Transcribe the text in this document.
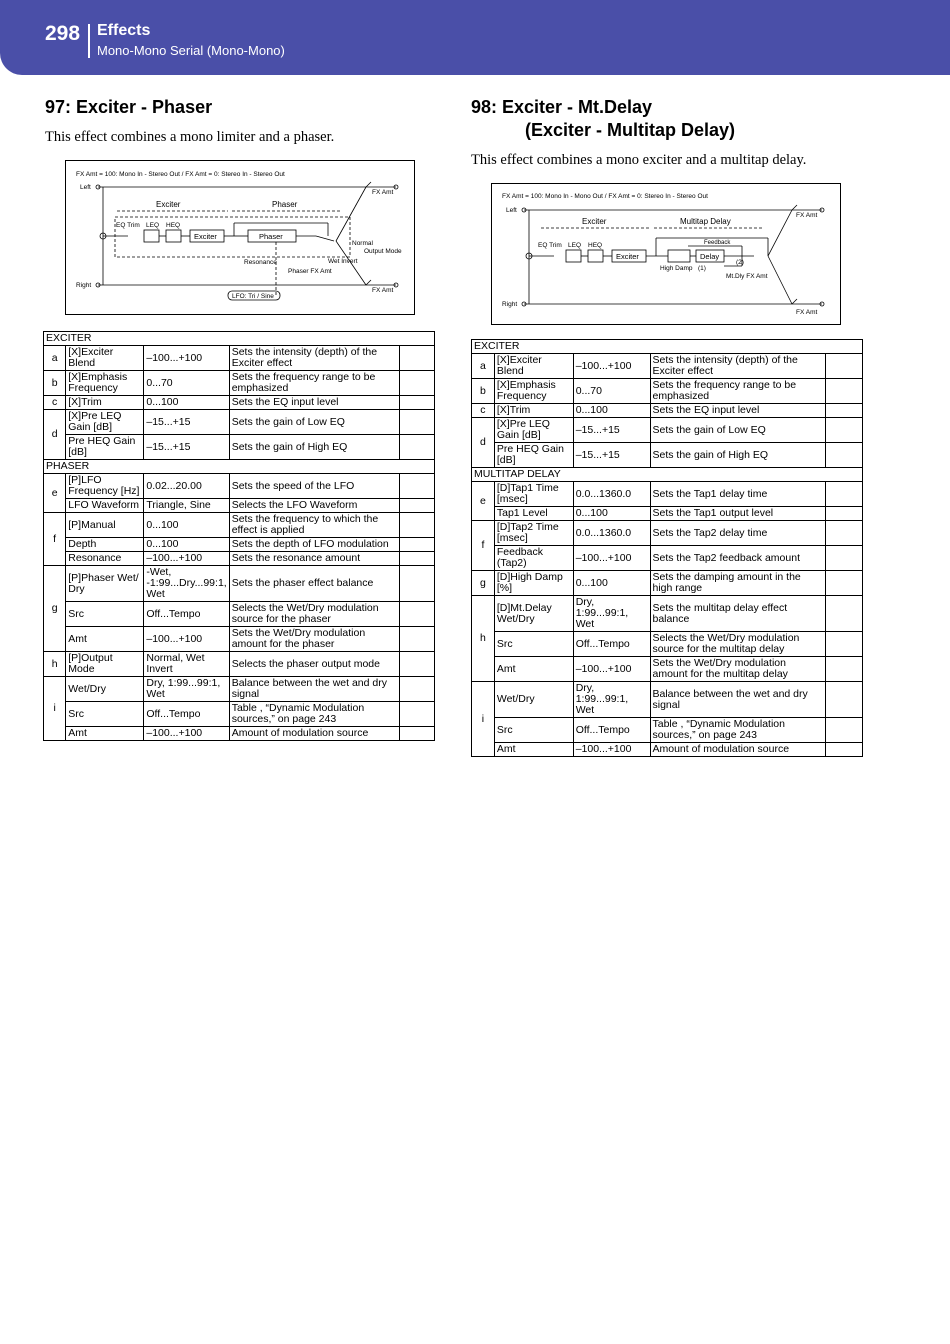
298 Effects
Mono-Mono Serial (Mono-Mono)
97: Exciter - Phaser

This effect combines a mono limiter and a phaser.

FX Amt = 100: Mono In - Stereo Out / FX Amt = 0: Stereo In - Stereo Out
Left
Right
Exciter	Phaser
EQ Trim LEQ HEQ
Exciter	Phaser
Resonance
Phaser FX Amt
Normal
Output Mode
Wet Invert
FX Amt
FX Amt
LFO: Tri / Sine
EXCITER				
a	[X]Exciter Blend	–100...+100	Sets the intensity (depth) of the Exciter effect	
b	[X]Emphasis Frequency	0...70	Sets the frequency range to be emphasized	
c	[X]Trim	0...100	Sets the EQ input level	
d	[X]Pre LEQ Gain [dB]	–15...+15	Sets the gain of Low EQ	
	Pre HEQ Gain [dB]	–15...+15	Sets the gain of High EQ	
PHASER				
e	[P]LFO Frequency [Hz]	0.02...20.00	Sets the speed of the LFO	
	LFO Waveform	Triangle, Sine	Selects the LFO Waveform	
f	[P]Manual	0...100	Sets the frequency to which the effect is applied	
	Depth	0...100	Sets the depth of LFO modulation	
	Resonance	–100...+100	Sets the resonance amount	
g	[P]Phaser Wet/ Dry	-Wet, -1:99...Dry...99:1, Wet	Sets the phaser effect balance	
	Src	Off...Tempo	Selects the Wet/Dry modulation source for the phaser	
	Amt	–100...+100	Sets the Wet/Dry modulation amount for the phaser	
h	[P]Output Mode	Normal, Wet Invert	Selects the phaser output mode	
i	Wet/Dry	Dry, 1:99...99:1, Wet	Balance between the wet and dry signal	
	Src	Off...Tempo	Table , “Dynamic Modulation sources,” on page 243	
	Amt	–100...+100	Amount of modulation source	
98: Exciter - Mt.Delay
(Exciter - Multitap Delay)

This effect combines a mono exciter and a multitap delay.

FX Amt = 100: Mono In - Mono Out / FX Amt = 0: Stereo In - Stereo Out
Left
Right
Exciter	Multitap Delay
EQ Trim LEQ HEQ
Exciter
Feedback
Delay
High Damp (1)
(2)
Mt.Dly FX Amt
FX Amt
FX Amt
EXCITER				
a	[X]Exciter Blend	–100...+100	Sets the intensity (depth) of the Exciter effect	
b	[X]Emphasis Frequency	0...70	Sets the frequency range to be emphasized	
c	[X]Trim	0...100	Sets the EQ input level	
d	[X]Pre LEQ Gain [dB]	–15...+15	Sets the gain of Low EQ	
	Pre HEQ Gain [dB]	–15...+15	Sets the gain of High EQ	
MULTITAP DELAY				
e	[D]Tap1 Time [msec]	0.0...1360.0	Sets the Tap1 delay time	
	Tap1 Level	0...100	Sets the Tap1 output level	
f	[D]Tap2 Time [msec]	0.0...1360.0	Sets the Tap2 delay time	
	Feedback (Tap2)	–100...+100	Sets the Tap2 feedback amount	
g	[D]High Damp [%]	0...100	Sets the damping amount in the high range	
h	[D]Mt.Delay Wet/Dry	Dry, 1:99...99:1, Wet	Sets the multitap delay effect balance	
	Src	Off...Tempo	Selects the Wet/Dry modulation source for the multitap delay	
	Amt	–100...+100	Sets the Wet/Dry modulation amount for the multitap delay	
i	Wet/Dry	Dry, 1:99...99:1, Wet	Balance between the wet and dry signal	
	Src	Off...Tempo	Table , “Dynamic Modulation sources,” on page 243	
	Amt	–100...+100	Amount of modulation source	
